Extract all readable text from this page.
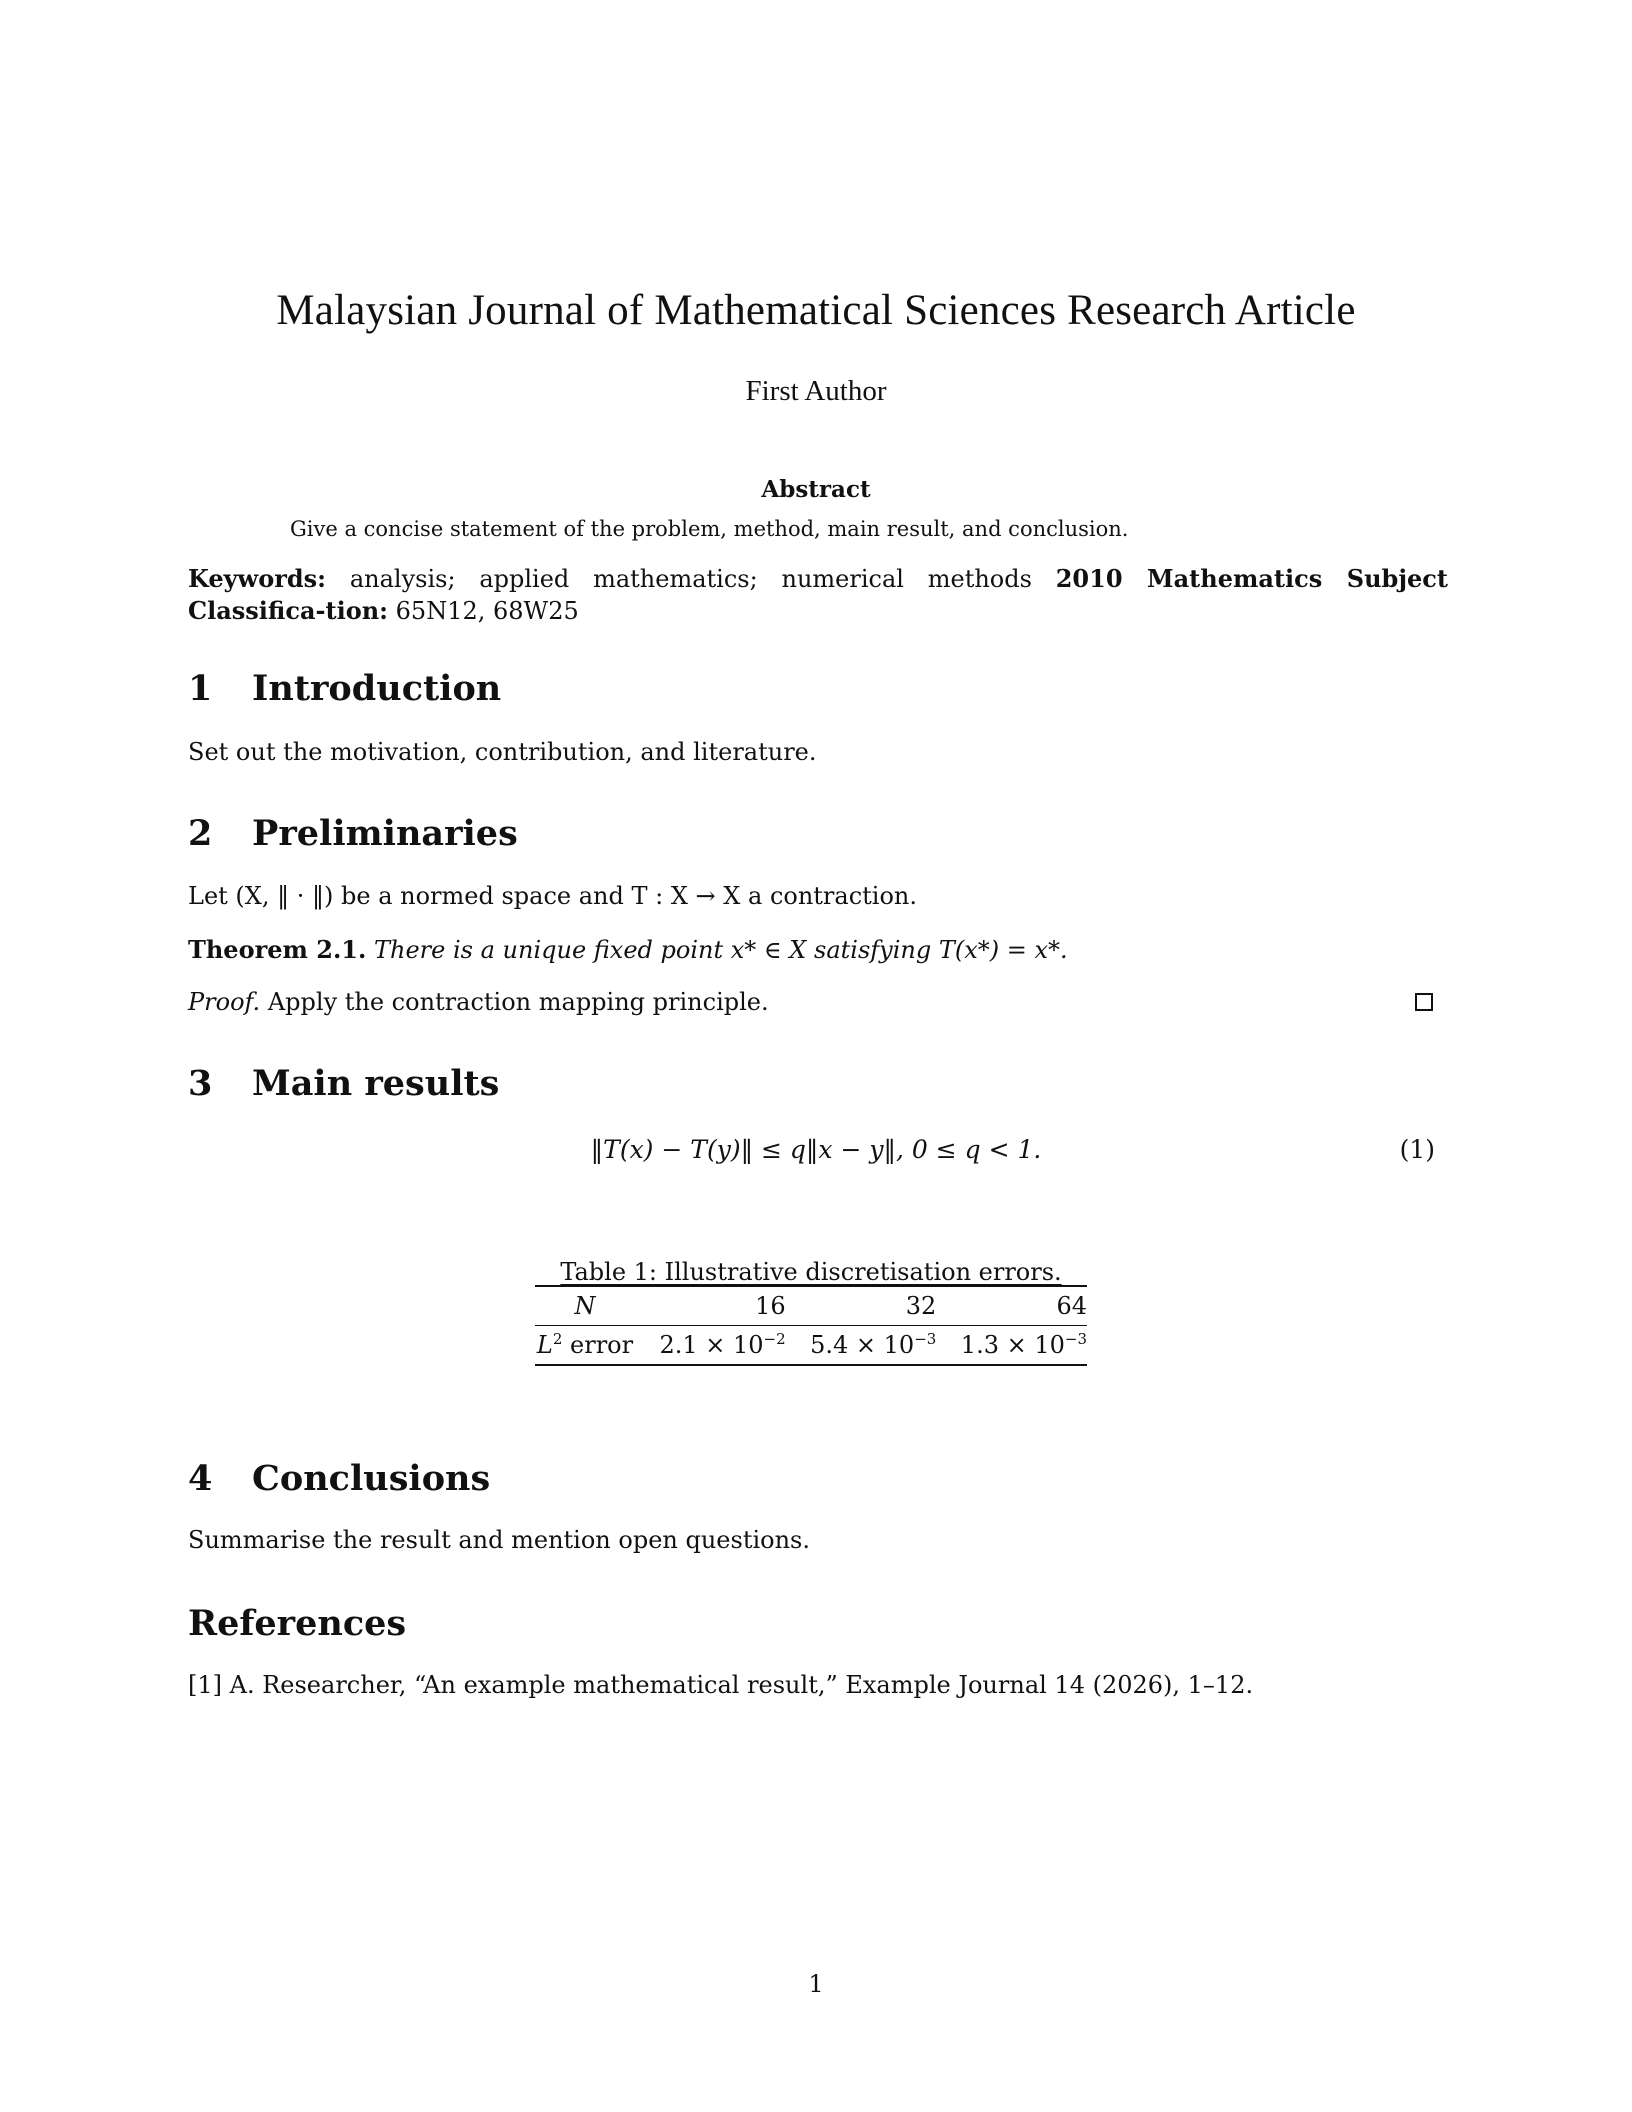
Malaysian Journal of Mathematical Sciences Research Article
First Author
Abstract
Give a concise statement of the problem, method, main result, and conclusion.
Keywords: analysis; applied mathematics; numerical methods 2010 Mathematics Subject Classifica-tion: 65N12, 68W25
1 Introduction
Set out the motivation, contribution, and literature.
2 Preliminaries
Let (X, ‖ · ‖) be a normed space and T : X → X a contraction.
Theorem 2.1. There is a unique fixed point x* ∈ X satisfying T(x*) = x*.
Proof. Apply the contraction mapping principle.
3 Main results
‖T(x) − T(y)‖ ≤ q‖x − y‖, 0 ≤ q < 1.	(1)
Table 1: Illustrative discretisation errors.
N	16	32	64
$L^2$ error	$2.1 \times 10^{-2}$	$5.4 \times 10^{-3}$	$1.3 \times 10^{-3}$
4 Conclusions
Summarise the result and mention open questions.
References
[1] A. Researcher, “An example mathematical result,” Example Journal 14 (2026), 1–12.
1
